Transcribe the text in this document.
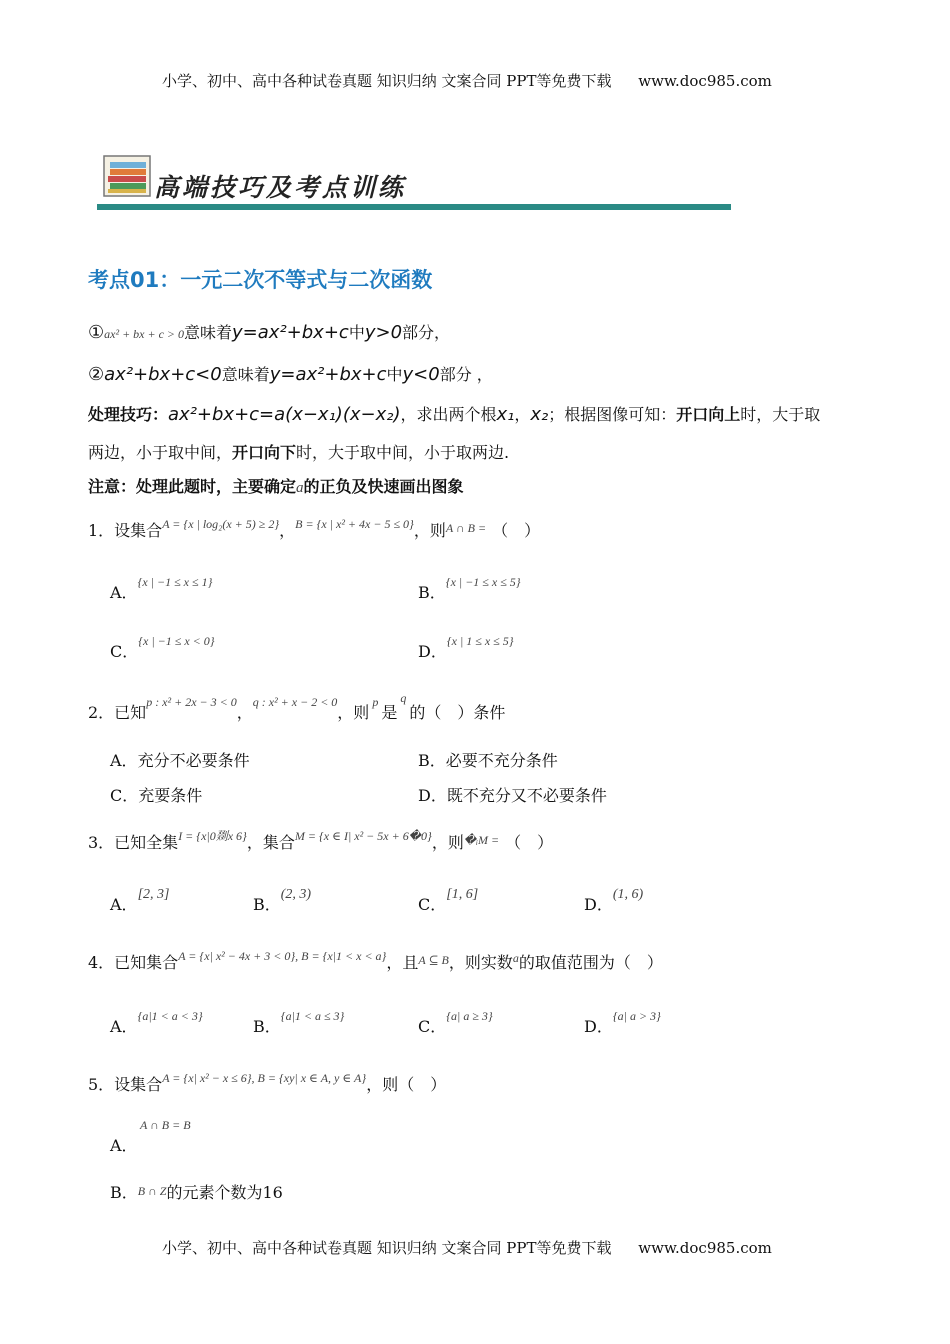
小学、初中、高中各种试卷真题 知识归纳 文案合同 PPT等免费下载 www.doc985.com
高端技巧及考点训练
考点01：一元二次不等式与二次函数
①ax² + bx + c > 0意味着y=ax²+bx+c中y>0部分，
②ax²+bx+c<0意味着y=ax²+bx+c中y<0部分 ，
处理技巧：ax²+bx+c=a(x−x₁)(x−x₂)，求出两个根x₁，x₂；根据图像可知：开口向上时，大于取
两边，小于取中间，开口向下时，大于取中间，小于取两边.
注意：处理此题时，主要确定a的正负及快速画出图象
1．设集合$^{A = \{x | log_2(x + 5) \ge 2\}}$，$^{B = \{x | x^2 + 4x - 5 \le 0\}}$，则$^{A \cap B =}$ （　）
A．{x | −1 ≤ x ≤ 1}
B．{x | −1 ≤ x ≤ 5}
C．{x | −1 ≤ x < 0}
D．{x | 1 ≤ x ≤ 5}
2．已知$^{p : x^2 + 2x - 3 < 0}$，$^{q : x^2 + x - 2 < 0}$，则$^p$是$^q$的（　）条件
A．充分不必要条件	B．必要不充分条件
C．充要条件	D．既不充分又不必要条件
3．已知全集$^{I = \{x|0剟x 6\}}$，集合$^{M = \{x \in I| x^2 - 5x + 6�0\}}$，则$^{�ᵢM =}$ （　）
A．[2, 3]
B．(2, 3)
C．[1, 6]
D．(1, 6)
4．已知集合$^{A = \{x| x^2 - 4x + 3 < 0\}, B = \{x|1 < x < a\}}$，且$^{A ⊆ B}$，则实数$^a$的取值范围为（　）
A．{a|1 < a < 3}
B．{a|1 < a ≤ 3}
C．{a| a ≥ 3}
D．{a| a > 3}
5．设集合$^{A = \{x| x^2 - x \le 6\}, B = \{xy| x \in A, y \in A\}}$，则（　）
A ∩ B = B
A．
B．B ∩ Z的元素个数为16
小学、初中、高中各种试卷真题 知识归纳 文案合同 PPT等免费下载 www.doc985.com
